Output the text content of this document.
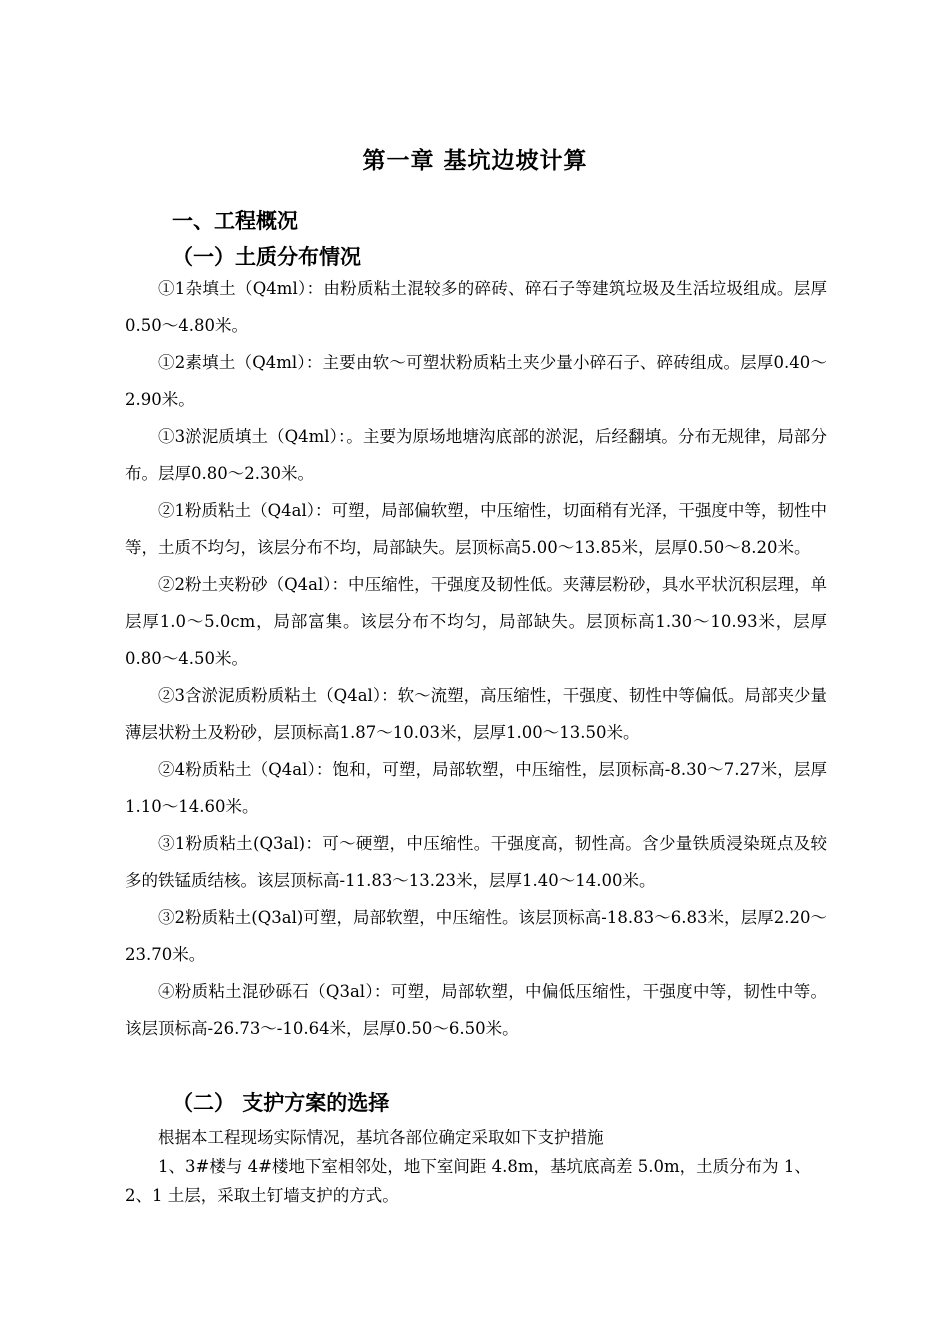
第一章 基坑边坡计算
一、工程概况
（一）土质分布情况

①1杂填土（Q4ml）：由粉质粘土混较多的碎砖、碎石子等建筑垃圾及生活垃圾组成。层厚0.50～4.80米。

①2素填土（Q4ml）：主要由软～可塑状粉质粘土夹少量小碎石子、碎砖组成。层厚0.40～2.90米。

①3淤泥质填土（Q4ml）：。主要为原场地塘沟底部的淤泥，后经翻填。分布无规律，局部分布。层厚0.80～2.30米。

②1粉质粘土（Q4al）：可塑，局部偏软塑，中压缩性，切面稍有光泽，干强度中等，韧性中等，土质不均匀，该层分布不均，局部缺失。层顶标高5.00～13.85米，层厚0.50～8.20米。

②2粉土夹粉砂（Q4al）：中压缩性，干强度及韧性低。夹薄层粉砂，具水平状沉积层理，单层厚1.0～5.0cm，局部富集。该层分布不均匀，局部缺失。层顶标高1.30～10.93米，层厚0.80～4.50米。

②3含淤泥质粉质粘土（Q4al）：软～流塑，高压缩性，干强度、韧性中等偏低。局部夹少量薄层状粉土及粉砂，层顶标高1.87～10.03米，层厚1.00～13.50米。

②4粉质粘土（Q4al）：饱和，可塑，局部软塑，中压缩性，层顶标高-8.30～7.27米，层厚1.10～14.60米。

③1粉质粘土(Q3al)：可～硬塑，中压缩性。干强度高，韧性高。含少量铁质浸染斑点及较多的铁锰质结核。该层顶标高-11.83～13.23米，层厚1.40～14.00米。

③2粉质粘土(Q3al)可塑，局部软塑，中压缩性。该层顶标高-18.83～6.83米，层厚2.20～23.70米。

④粉质粘土混砂砾石（Q3al）：可塑，局部软塑，中偏低压缩性，干强度中等，韧性中等。该层顶标高-26.73～-10.64米，层厚0.50～6.50米。

（二） 支护方案的选择

根据本工程现场实际情况，基坑各部位确定采取如下支护措施

1、3#楼与 4#楼地下室相邻处，地下室间距 4.8m，基坑底高差 5.0m，土质分布为 1、2、1 土层，采取土钉墙支护的方式。
